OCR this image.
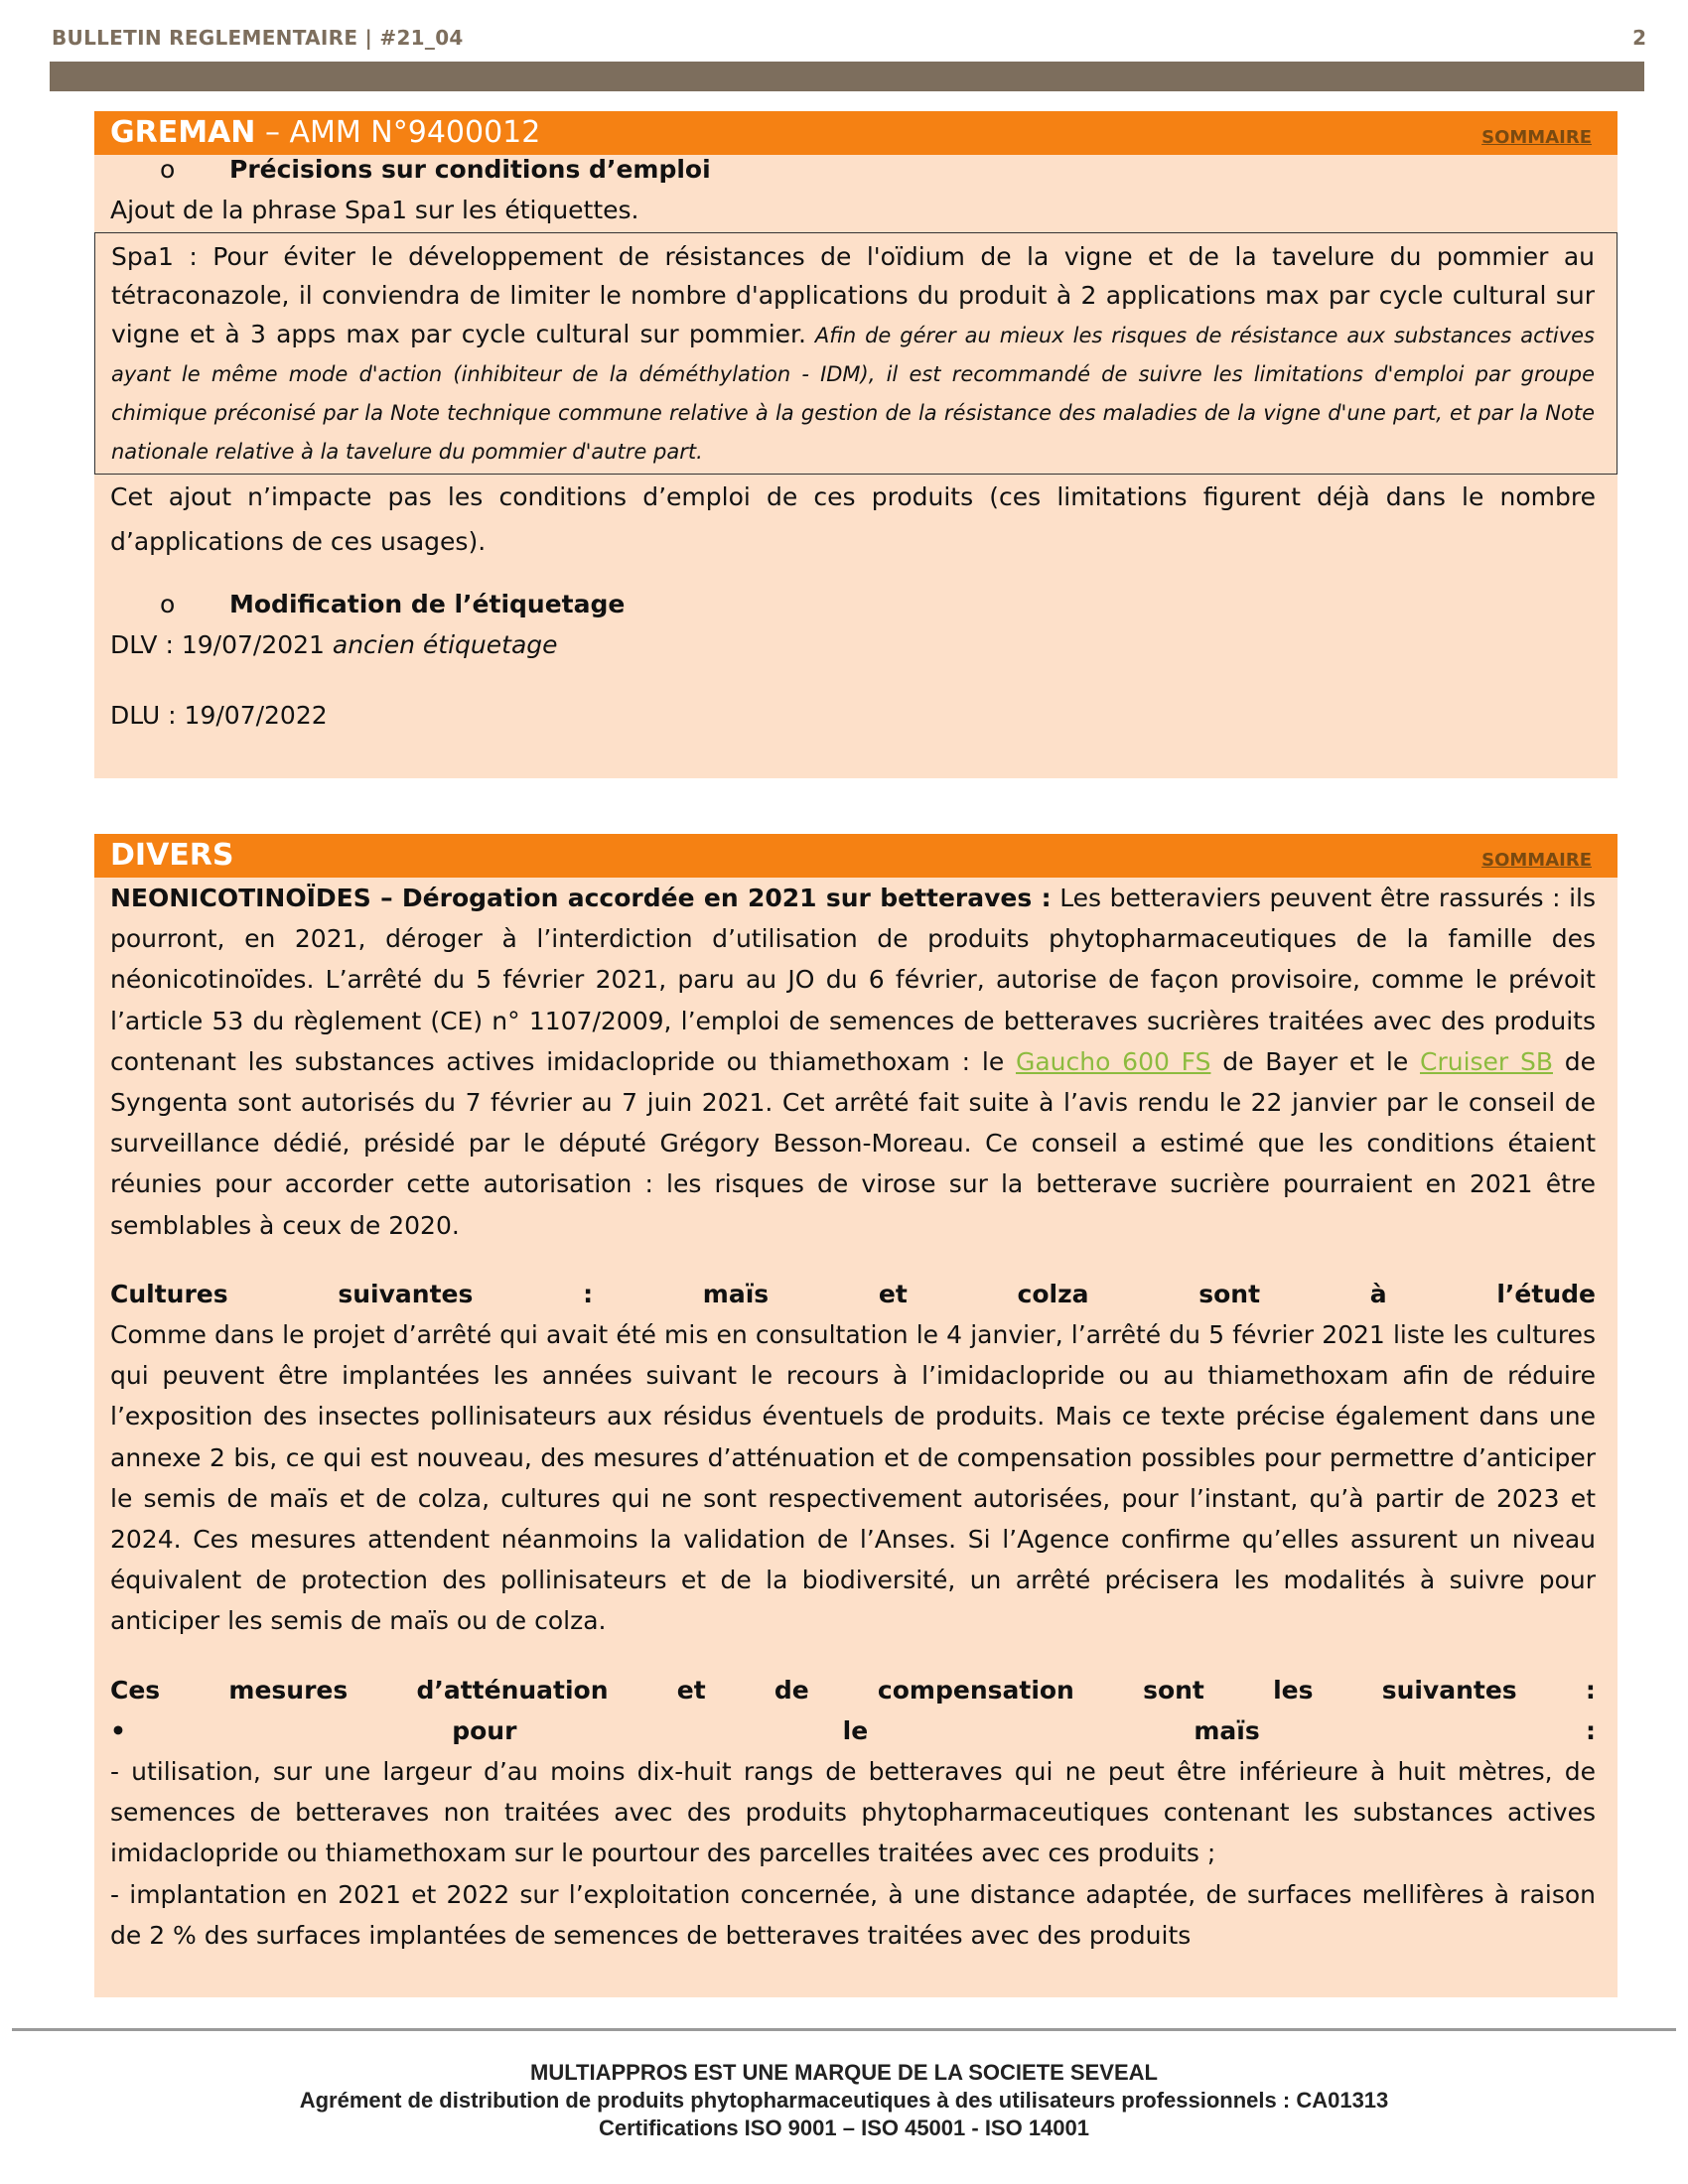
BULLETIN REGLEMENTAIRE | #21_04	2
GREMAN – AMM N°9400012	SOMMAIRE
o	Précisions sur conditions d’emploi

Ajout de la phrase Spa1 sur les étiquettes.

Spa1 : Pour éviter le développement de résistances de l'oïdium de la vigne et de la tavelure du pommier au tétraconazole, il conviendra de limiter le nombre d'applications du produit à 2 applications max par cycle cultural sur vigne et à 3 apps max par cycle cultural sur pommier. Afin de gérer au mieux les risques de résistance aux substances actives ayant le même mode d'action (inhibiteur de la déméthylation - IDM), il est recommandé de suivre les limitations d'emploi par groupe chimique préconisé par la Note technique commune relative à la gestion de la résistance des maladies de la vigne d'une part, et par la Note nationale relative à la tavelure du pommier d'autre part.

Cet ajout n’impacte pas les conditions d’emploi de ces produits (ces limitations figurent déjà dans le nombre d’applications de ces usages).

o	Modification de l’étiquetage

DLV : 19/07/2021 ancien étiquetage

DLU : 19/07/2022

DIVERS	SOMMAIRE

NEONICOTINOÏDES – Dérogation accordée en 2021 sur betteraves : Les betteraviers peuvent être rassurés : ils pourront, en 2021, déroger à l’interdiction d’utilisation de produits phytopharmaceutiques de la famille des néonicotinoïdes. L’arrêté du 5 février 2021, paru au JO du 6 février, autorise de façon provisoire, comme le prévoit l’article 53 du règlement (CE) n° 1107/2009, l’emploi de semences de betteraves sucrières traitées avec des produits contenant les substances actives imidaclopride ou thiamethoxam : le Gaucho 600 FS de Bayer et le Cruiser SB de Syngenta sont autorisés du 7 février au 7 juin 2021. Cet arrêté fait suite à l’avis rendu le 22 janvier par le conseil de surveillance dédié, présidé par le député Grégory Besson-Moreau. Ce conseil a estimé que les conditions étaient réunies pour accorder cette autorisation : les risques de virose sur la betterave sucrière pourraient en 2021 être semblables à ceux de 2020.

Cultures	suivantes	:	maïs	et	colza	sont	à	l’étude

Comme dans le projet d’arrêté qui avait été mis en consultation le 4 janvier, l’arrêté du 5 février 2021 liste les cultures qui peuvent être implantées les années suivant le recours à l’imidaclopride ou au thiamethoxam afin de réduire l’exposition des insectes pollinisateurs aux résidus éventuels de produits. Mais ce texte précise également dans une annexe 2 bis, ce qui est nouveau, des mesures d’atténuation et de compensation possibles pour permettre d’anticiper le semis de maïs et de colza, cultures qui ne sont respectivement autorisées, pour l’instant, qu’à partir de 2023 et 2024. Ces mesures attendent néanmoins la validation de l’Anses. Si l’Agence confirme qu’elles assurent un niveau équivalent de protection des pollinisateurs et de la biodiversité, un arrêté précisera les modalités à suivre pour anticiper les semis de maïs ou de colza.

Ces	mesures	d’atténuation	et	de	compensation	sont	les	suivantes	:
•	pour	le	maïs	:

- utilisation, sur une largeur d’au moins dix-huit rangs de betteraves qui ne peut être inférieure à huit mètres, de semences de betteraves non traitées avec des produits phytopharmaceutiques contenant les substances actives imidaclopride ou thiamethoxam sur le pourtour des parcelles traitées avec ces produits ;

- implantation en 2021 et 2022 sur l’exploitation concernée, à une distance adaptée, de surfaces mellifères à raison de 2 % des surfaces implantées de semences de betteraves traitées avec des produits

MULTIAPPROS EST UNE MARQUE DE LA SOCIETE SEVEAL
Agrément de distribution de produits phytopharmaceutiques à des utilisateurs professionnels : CA01313
Certifications ISO 9001 – ISO 45001 - ISO 14001
